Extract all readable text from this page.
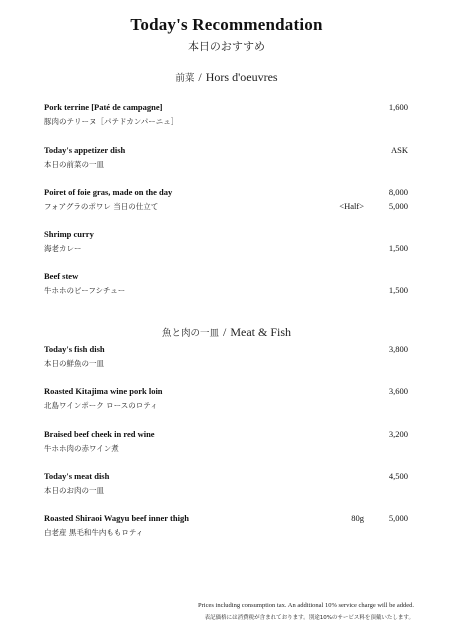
Today's Recommendation
本日のおすすめ
前菜 / Hors d'oeuvres
Pork terrine [Paté de campagne]
豚肉のテリーヌ［パテドカンパーニュ］
1,600
Today's appetizer dish
本日の前菜の一皿
ASK
Poiret of foie gras, made on the day
フォアグラのポワレ 当日の仕立て
8,000
<Half>	5,000
Shrimp curry
海老カレー	1,500
Beef stew
牛ホホのビーフシチュー	1,500
魚と肉の一皿 / Meat & Fish
Today's fish dish
本日の鮮魚の一皿
3,800
Roasted Kitajima wine pork loin
北島ワインポーク ロースのロティ
3,600
Braised beef cheek in red wine
牛ホホ肉の赤ワイン煮
3,200
Today's meat dish
本日のお肉の一皿
4,500
Roasted Shiraoi Wagyu beef inner thigh
白老産 黒毛和牛内ももロティ
80g	5,000
Prices including consumption tax. An additional 10% service charge will be added.
表記価格には消費税が含まれております。別途10%のサービス料を頂戴いたします。
